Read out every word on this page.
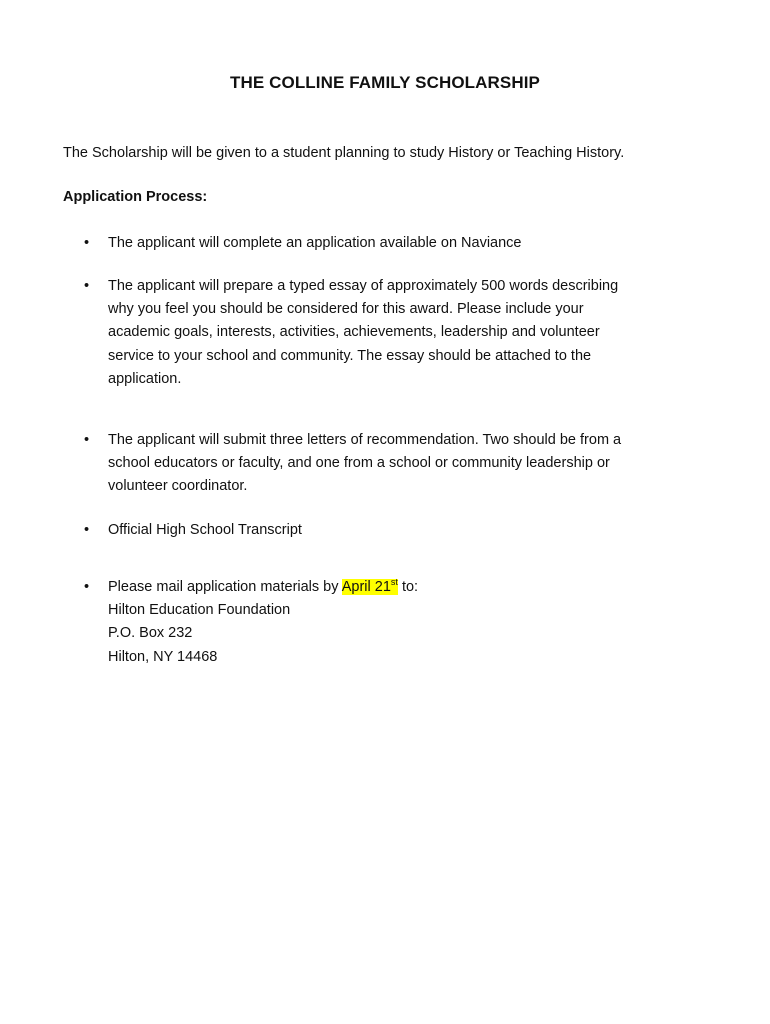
THE COLLINE FAMILY SCHOLARSHIP
The Scholarship will be given to a student planning to study History or Teaching History.
Application Process:
•	The applicant will complete an application available on Naviance
•	The applicant will prepare a typed essay of approximately 500 words describing
why you feel you should be considered for this award. Please include your
academic goals, interests, activities, achievements, leadership and volunteer
service to your school and community. The essay should be attached to the
application.
•	The applicant will submit three letters of recommendation. Two should be from a
school educators or faculty, and one from a school or community leadership or
volunteer coordinator.
•	Official High School Transcript
•	Please mail application materials by April 21st to:
Hilton Education Foundation
P.O. Box 232
Hilton, NY 14468
